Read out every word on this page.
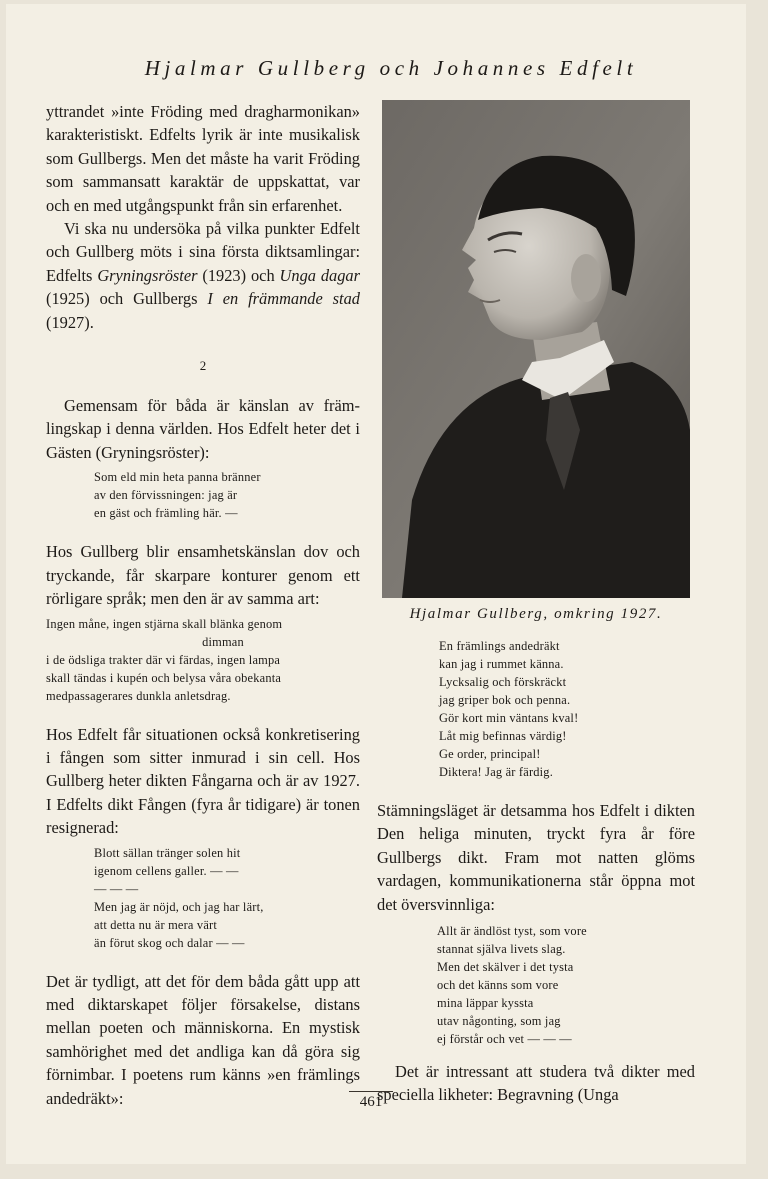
Hjalmar Gullberg och Johannes Edfelt

yttrandet »inte Fröding med dragharmonikan» karakteristiskt. Edfelts lyrik är inte musikalisk som Gullbergs. Men det måste ha varit Fröding som sammansatt karaktär de uppskattat, var och en med utgångspunkt från sin erfarenhet.

Vi ska nu undersöka på vilka punkter Edfelt och Gullberg möts i sina första diktsamlingar: Edfelts Gryningsröster (1923) och Unga dagar (1925) och Gullbergs I en främmande stad (1927).

2

Gemensam för båda är känslan av främlingskap i denna världen. Hos Edfelt heter det i Gästen (Gryningsröster):

Som eld min heta panna bränner
av den förvissningen: jag är
en gäst och främling här. —

Hos Gullberg blir ensamhetskänslan dov och tryckande, får skarpare konturer genom ett rörligare språk; men den är av samma art:

Ingen måne, ingen stjärna skall blänka genom
dimman
i de ödsliga trakter där vi färdas, ingen lampa
skall tändas i kupén och belysa våra obekanta
medpassagerares dunkla anletsdrag.

Hos Edfelt får situationen också konkretisering i fången som sitter inmurad i sin cell. Hos Gullberg heter dikten Fångarna och är av 1927. I Edfelts dikt Fången (fyra år tidigare) är tonen resignerad:

Blott sällan tränger solen hit
igenom cellens galler. — —
— — —
Men jag är nöjd, och jag har lärt,
att detta nu är mera värt
än förut skog och dalar — —

Det är tydligt, att det för dem båda gått upp att med diktarskapet följer försakelse, distans mellan poeten och människorna. En mystisk samhörighet med det andliga kan då göra sig förnimbar. I poetens rum känns »en främlings andedräkt»:

Hjalmar Gullberg, omkring 1927.
En främlings andedräkt
kan jag i rummet känna.
Lycksalig och förskräckt
jag griper bok och penna.
Gör kort min väntans kval!
Låt mig befinnas värdig!
Ge order, principal!
Diktera! Jag är färdig.

Stämningsläget är detsamma hos Edfelt i dikten Den heliga minuten, tryckt fyra år före Gullbergs dikt. Fram mot natten glöms vardagen, kommunikationerna står öppna mot det översvinnliga:

Allt är ändlöst tyst, som vore
stannat själva livets slag.
Men det skälver i det tysta
och det känns som vore
mina läppar kyssta
utav någonting, som jag
ej förstår och vet — — —

Det är intressant att studera två dikter med speciella likheter: Begravning (Unga

461
